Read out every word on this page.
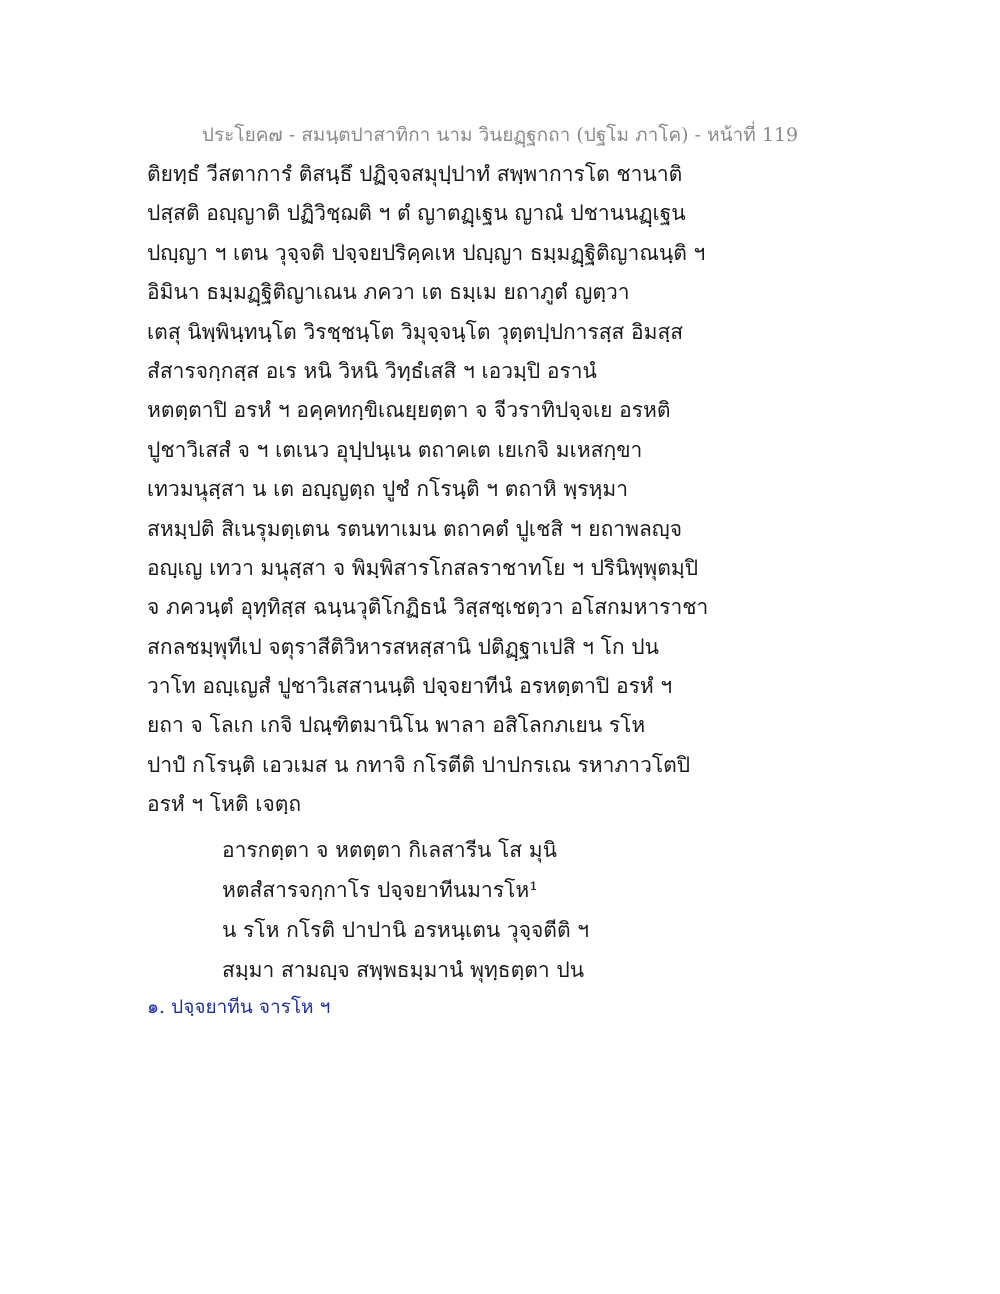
ประโยค๗ - สมนฺตปาสาทิกา นาม วินยฏฺฐกถา (ปฐโม ภาโค) - หน้าที่ 119
ติยทฺธํ วีสตาการํ ติสนฺธึ ปฏิจฺจสมุปฺปาทํ สพฺพาการโต ชานาติ
ปสฺสติ อญฺญาติ ปฏิวิชฺฌติ ฯ ตํ ญาตฏฺเฐน ญาณํ ปชานนฏฺเฐน
ปญฺญา ฯ เตน วุจฺจติ ปจฺจยปริคฺคเห ปญฺญา ธมฺมฏฺฐิติญาณนฺติ ฯ
อิมินา ธมฺมฏฺฐิติญาเณน ภควา เต ธมฺเม ยถาภูตํ ญตฺวา
เตสุ นิพฺพินฺทนฺโต วิรชฺชนฺโต วิมุจฺจนฺโต วุตฺตปฺปการสฺส อิมสฺส
สํสารจกฺกสฺส อเร หนิ วิหนิ วิทฺธํเสสิ ฯ เอวมฺปิ อรานํ
หตตฺตาปิ อรหํ ฯ อคฺคทกฺขิเณยฺยตฺตา จ จีวราทิปจฺจเย อรหติ
ปูชาวิเสสํ จ ฯ เตเนว อุปฺปนฺเน ตถาคเต เยเกจิ มเหสกฺขา
เทวมนุสฺสา น เต อญฺญตฺถ ปูชํ กโรนฺติ ฯ ตถาหิ พฺรหฺมา
สหมฺปติ สิเนรุมตฺเตน รตนทาเมน ตถาคตํ ปูเชสิ ฯ ยถาพลญฺจ
อญฺเญ เทวา มนุสฺสา จ พิมฺพิสารโกสลราชาทโย ฯ ปรินิพฺพุตมฺปิ
จ ภควนฺตํ อุทฺทิสฺส ฉนฺนวุติโกฏิธนํ วิสฺสชฺเชตฺวา อโสกมหาราชา
สกลชมฺพุทีเป จตุราสีติวิหารสหสฺสานิ ปติฏฺฐาเปสิ ฯ โก ปน
วาโท อญฺเญสํ ปูชาวิเสสานนฺติ ปจฺจยาทีนํ อรหตฺตาปิ อรหํ ฯ
ยถา จ โลเก เกจิ ปณฺฑิตมานิโน พาลา อสิโลกภเยน รโห
ปาปํ กโรนฺติ เอวเมส น กทาจิ กโรตีติ ปาปกรเณ รหาภาวโตปิ
อรหํ ฯ โหติ เจตฺถ
อารกตฺตา จ หตตฺตา กิเลสารีน โส มุนิ
หตสํสารจกฺกาโร ปจฺจยาทีนมารโห¹
น รโห กโรติ ปาปานิ อรหนฺเตน วุจฺจตีติ ฯ
สมฺมา สามญฺจ สพฺพธมฺมานํ พุทฺธตฺตา ปน
๑. ปจฺจยาทีน จารโห ฯ
